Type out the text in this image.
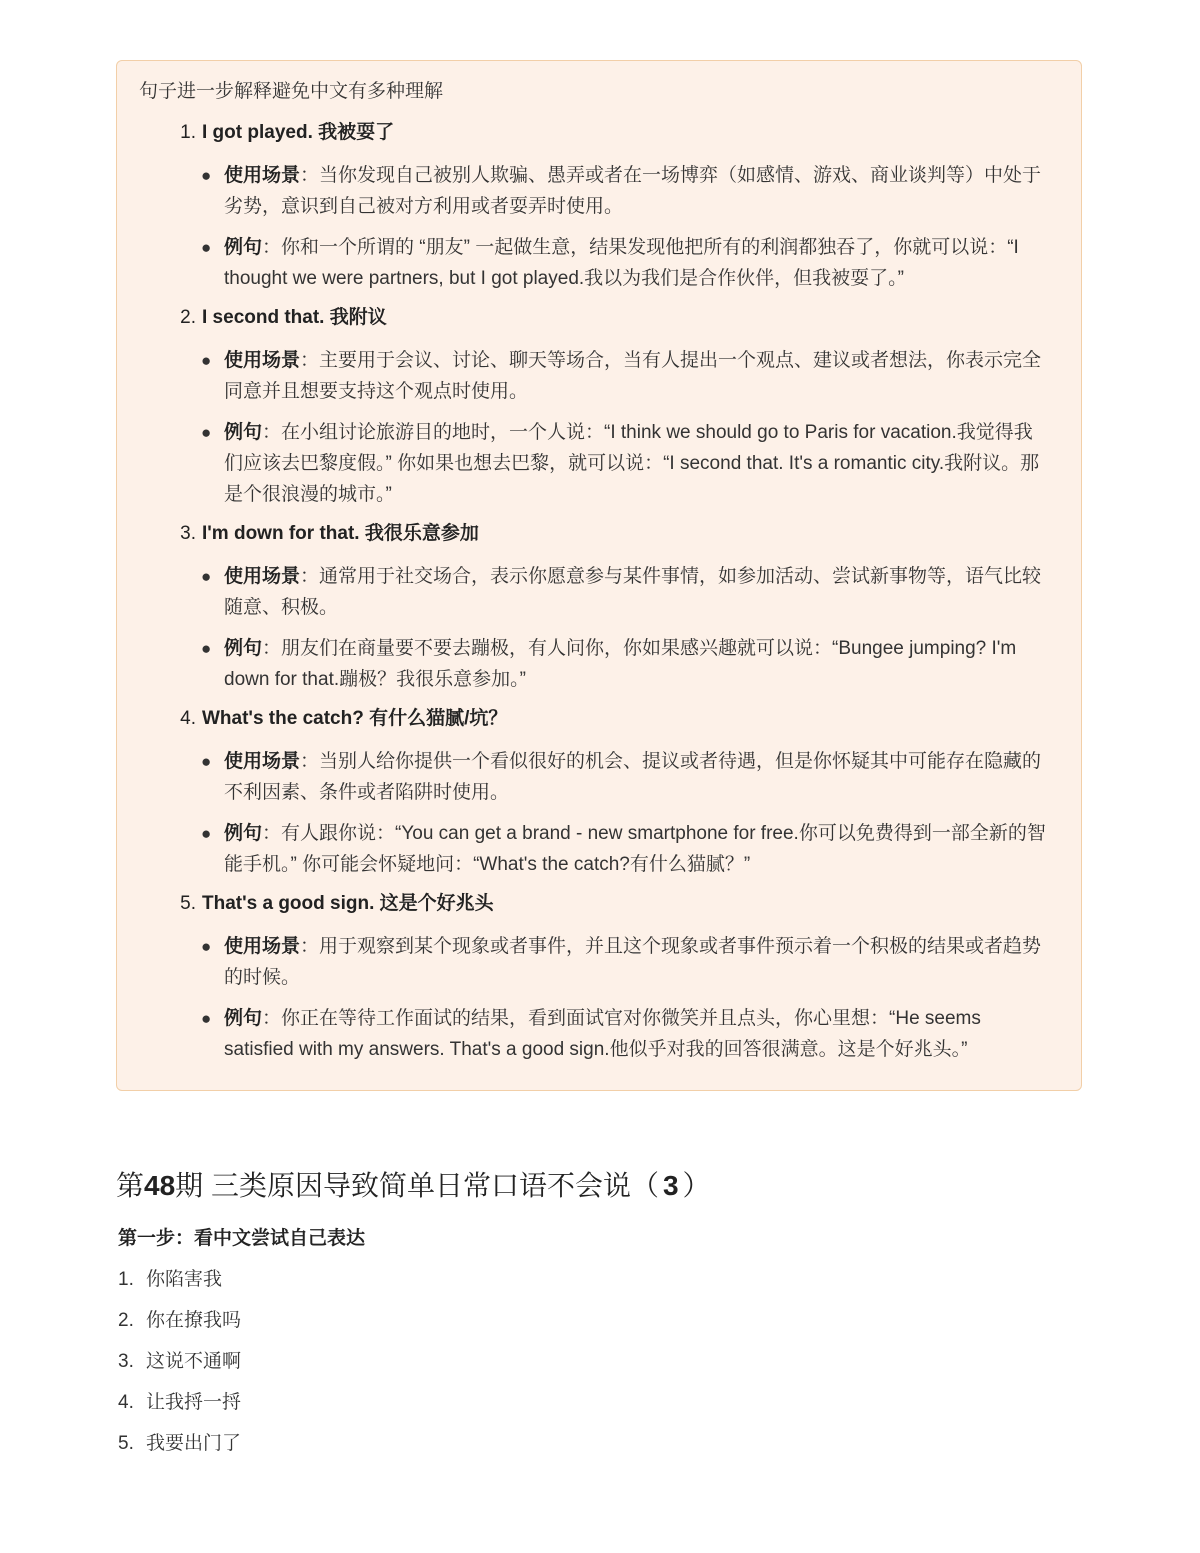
句子进一步解释避免中文有多种理解

1. I got played. 我被耍了
● 使用场景：当你发现自己被别人欺骗、愚弄或者在一场博弈（如感情、游戏、商业谈判等）中处于劣势，意识到自己被对方利用或者耍弄时使用。
● 例句：你和一个所谓的 “朋友” 一起做生意，结果发现他把所有的利润都独吞了，你就可以说：“I thought we were partners, but I got played.我以为我们是合作伙伴，但我被耍了。”
2. I second that. 我附议
● 使用场景：主要用于会议、讨论、聊天等场合，当有人提出一个观点、建议或者想法，你表示完全同意并且想要支持这个观点时使用。
● 例句：在小组讨论旅游目的地时，一个人说：“I think we should go to Paris for vacation.我觉得我们应该去巴黎度假。” 你如果也想去巴黎，就可以说：“I second that. It's a romantic city.我附议。那是个很浪漫的城市。”
3. I'm down for that. 我很乐意参加
● 使用场景：通常用于社交场合，表示你愿意参与某件事情，如参加活动、尝试新事物等，语气比较随意、积极。
● 例句：朋友们在商量要不要去蹦极，有人问你，你如果感兴趣就可以说：“Bungee jumping? I'm down for that.蹦极？我很乐意参加。”
4. What's the catch? 有什么猫腻/坑？
● 使用场景：当别人给你提供一个看似很好的机会、提议或者待遇，但是你怀疑其中可能存在隐藏的不利因素、条件或者陷阱时使用。
● 例句：有人跟你说：“You can get a brand - new smartphone for free.你可以免费得到一部全新的智能手机。” 你可能会怀疑地问：“What's the catch?有什么猫腻？”
5. That's a good sign. 这是个好兆头
● 使用场景：用于观察到某个现象或者事件，并且这个现象或者事件预示着一个积极的结果或者趋势的时候。
● 例句：你正在等待工作面试的结果，看到面试官对你微笑并且点头，你心里想：“He seems satisfied with my answers. That's a good sign.他似乎对我的回答很满意。这是个好兆头。”
第48期 三类原因导致简单日常口语不会说（ 3 ）

第一步：看中文尝试自己表达

1. 你陷害我
2. 你在撩我吗
3. 这说不通啊
4. 让我捋一捋
5. 我要出门了
